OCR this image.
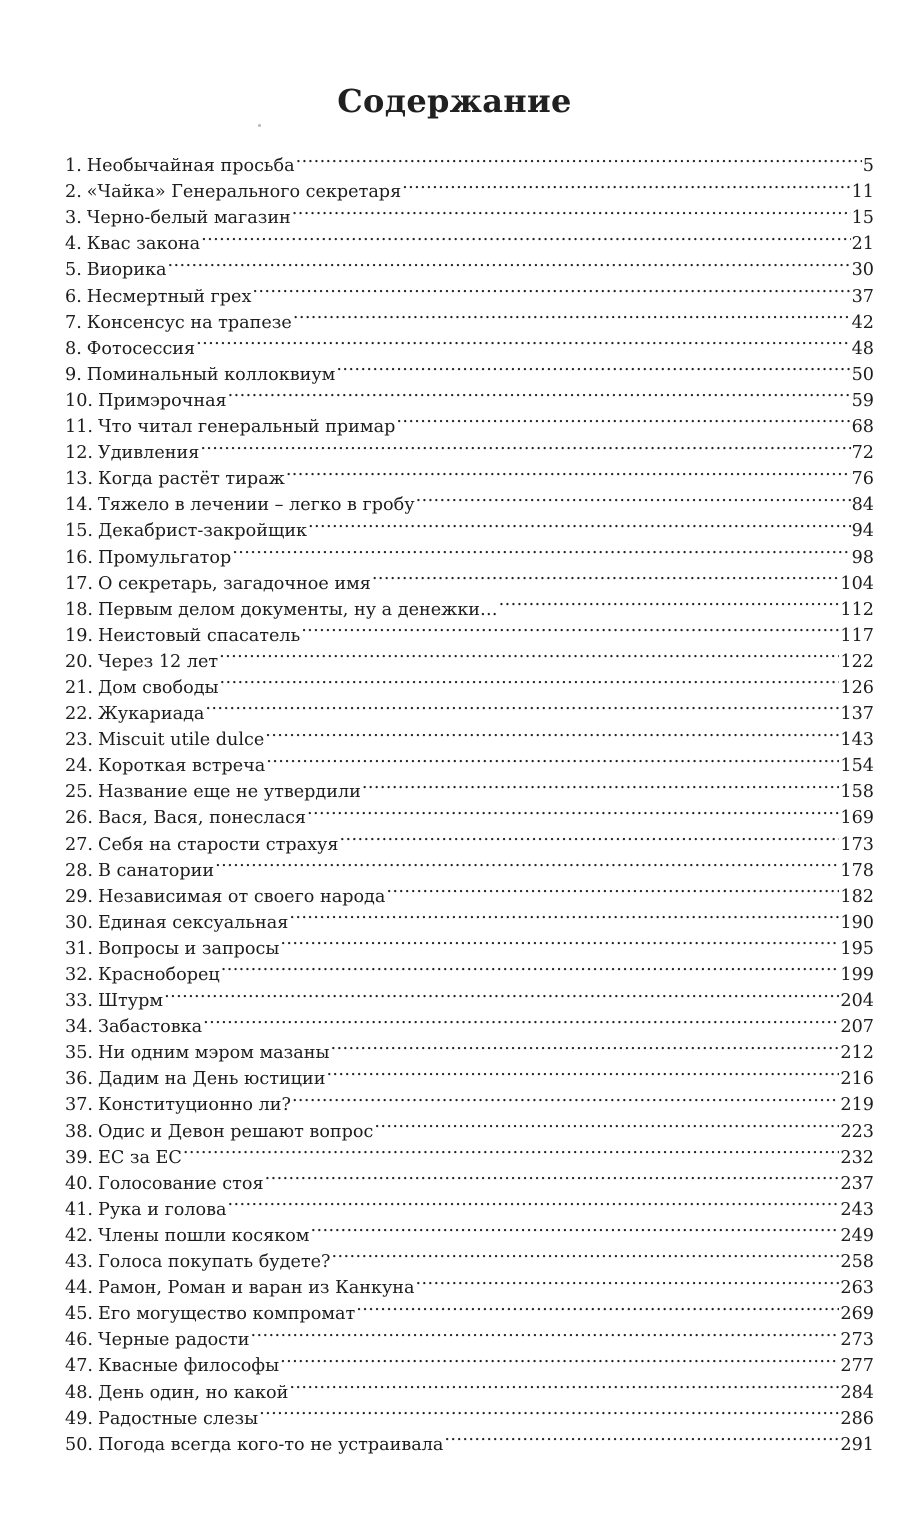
Содержание
1. Необычайная просьба .....	5
2. «Чайка» Генерального секретаря .....	11
3. Черно-белый магазин .....	15
4. Квас закона .....	21
5. Виорика .....	30
6. Несмертный грех .....	37
7. Консенсус на трапезе .....	42
8. Фотосессия .....	48
9. Поминальный коллоквиум .....	50
10. Примэрочная .....	59
11. Что читал генеральный примар .....	68
12. Удивления .....	72
13. Когда растёт тираж .....	76
14. Тяжело в лечении – легко в гробу .....	84
15. Декабрист-закройщик .....	94
16. Промульгатор .....	98
17. О секретарь, загадочное имя .....	104
18. Первым делом документы, ну а денежки… .....	112
19. Неистовый спасатель .....	117
20. Через 12 лет .....	122
21. Дом свободы .....	126
22. Жукариада .....	137
23. Miscuit utile dulce .....	143
24. Короткая встреча .....	154
25. Название еще не утвердили .....	158
26. Вася, Вася, понеслася .....	169
27. Себя на старости страхуя .....	173
28. В санатории .....	178
29. Независимая от своего народа .....	182
30. Единая сексуальная .....	190
31. Вопросы и запросы .....	195
32. Красноборец .....	199
33. Штурм .....	204
34. Забастовка .....	207
35. Ни одним мэром мазаны .....	212
36. Дадим на День юстиции .....	216
37. Конституционно ли? .....	219
38. Одис и Девон решают вопрос .....	223
39. ЕС за ЕС .....	232
40. Голосование стоя .....	237
41. Рука и голова .....	243
42. Члены пошли косяком .....	249
43. Голоса покупать будете? .....	258
44. Рамон, Роман и варан из Канкуна .....	263
45. Его могущество компромат .....	269
46. Черные радости .....	273
47. Квасные философы .....	277
48. День один, но какой .....	284
49. Радостные слезы .....	286
50. Погода всегда кого-то не устраивала .....	291
